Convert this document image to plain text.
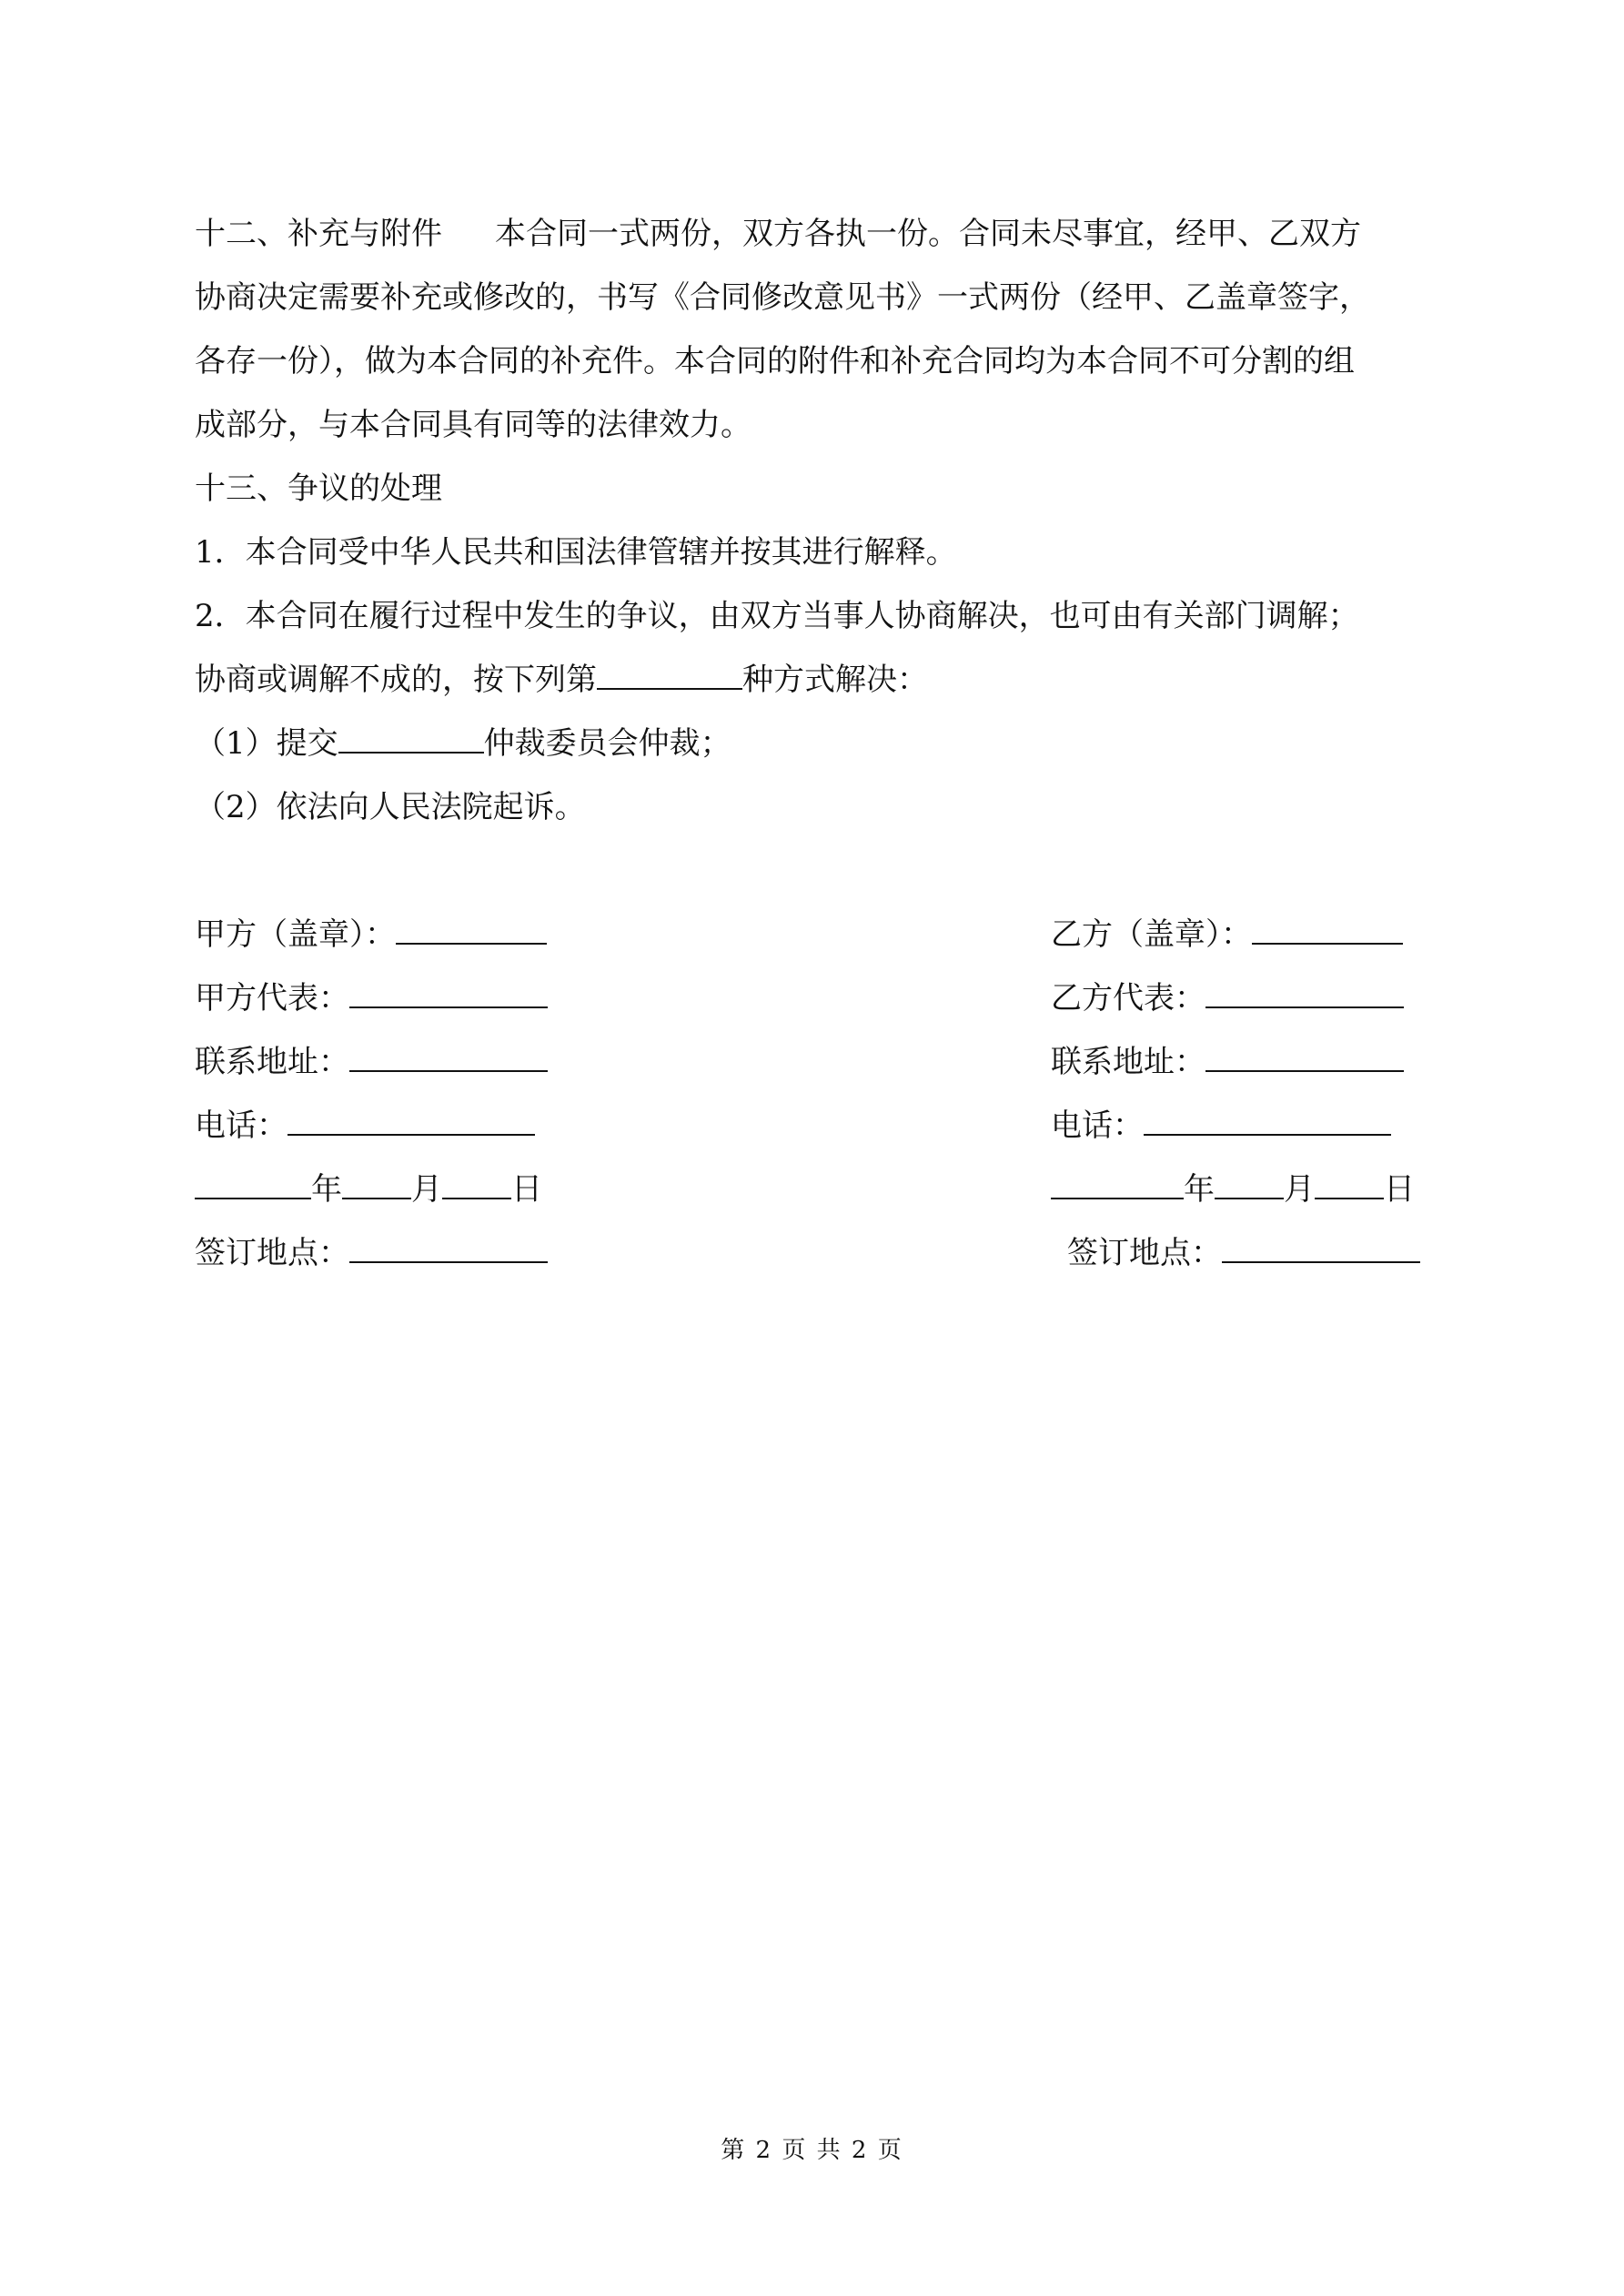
十二、补充与附件 本合同一式两份，双方各执一份。合同未尽事宜，经甲、乙双方
协商决定需要补充或修改的，书写《合同修改意见书》一式两份（经甲、乙盖章签字，
各存一份），做为本合同的补充件。本合同的附件和补充合同均为本合同不可分割的组
成部分，与本合同具有同等的法律效力。
十三、争议的处理
1．本合同受中华人民共和国法律管辖并按其进行解释。
2．本合同在履行过程中发生的争议，由双方当事人协商解决，也可由有关部门调解；
协商或调解不成的，按下列第	种方式解决：
（1）提交	仲裁委员会仲裁；
（2）依法向人民法院起诉。
甲方（盖章）：
甲方代表：
联系地址：
电话：
年 月 日
签订地点：
乙方（盖章）：
乙方代表：
联系地址：
电话：
年 月 日
签订地点：
第 2 页 共 2 页
